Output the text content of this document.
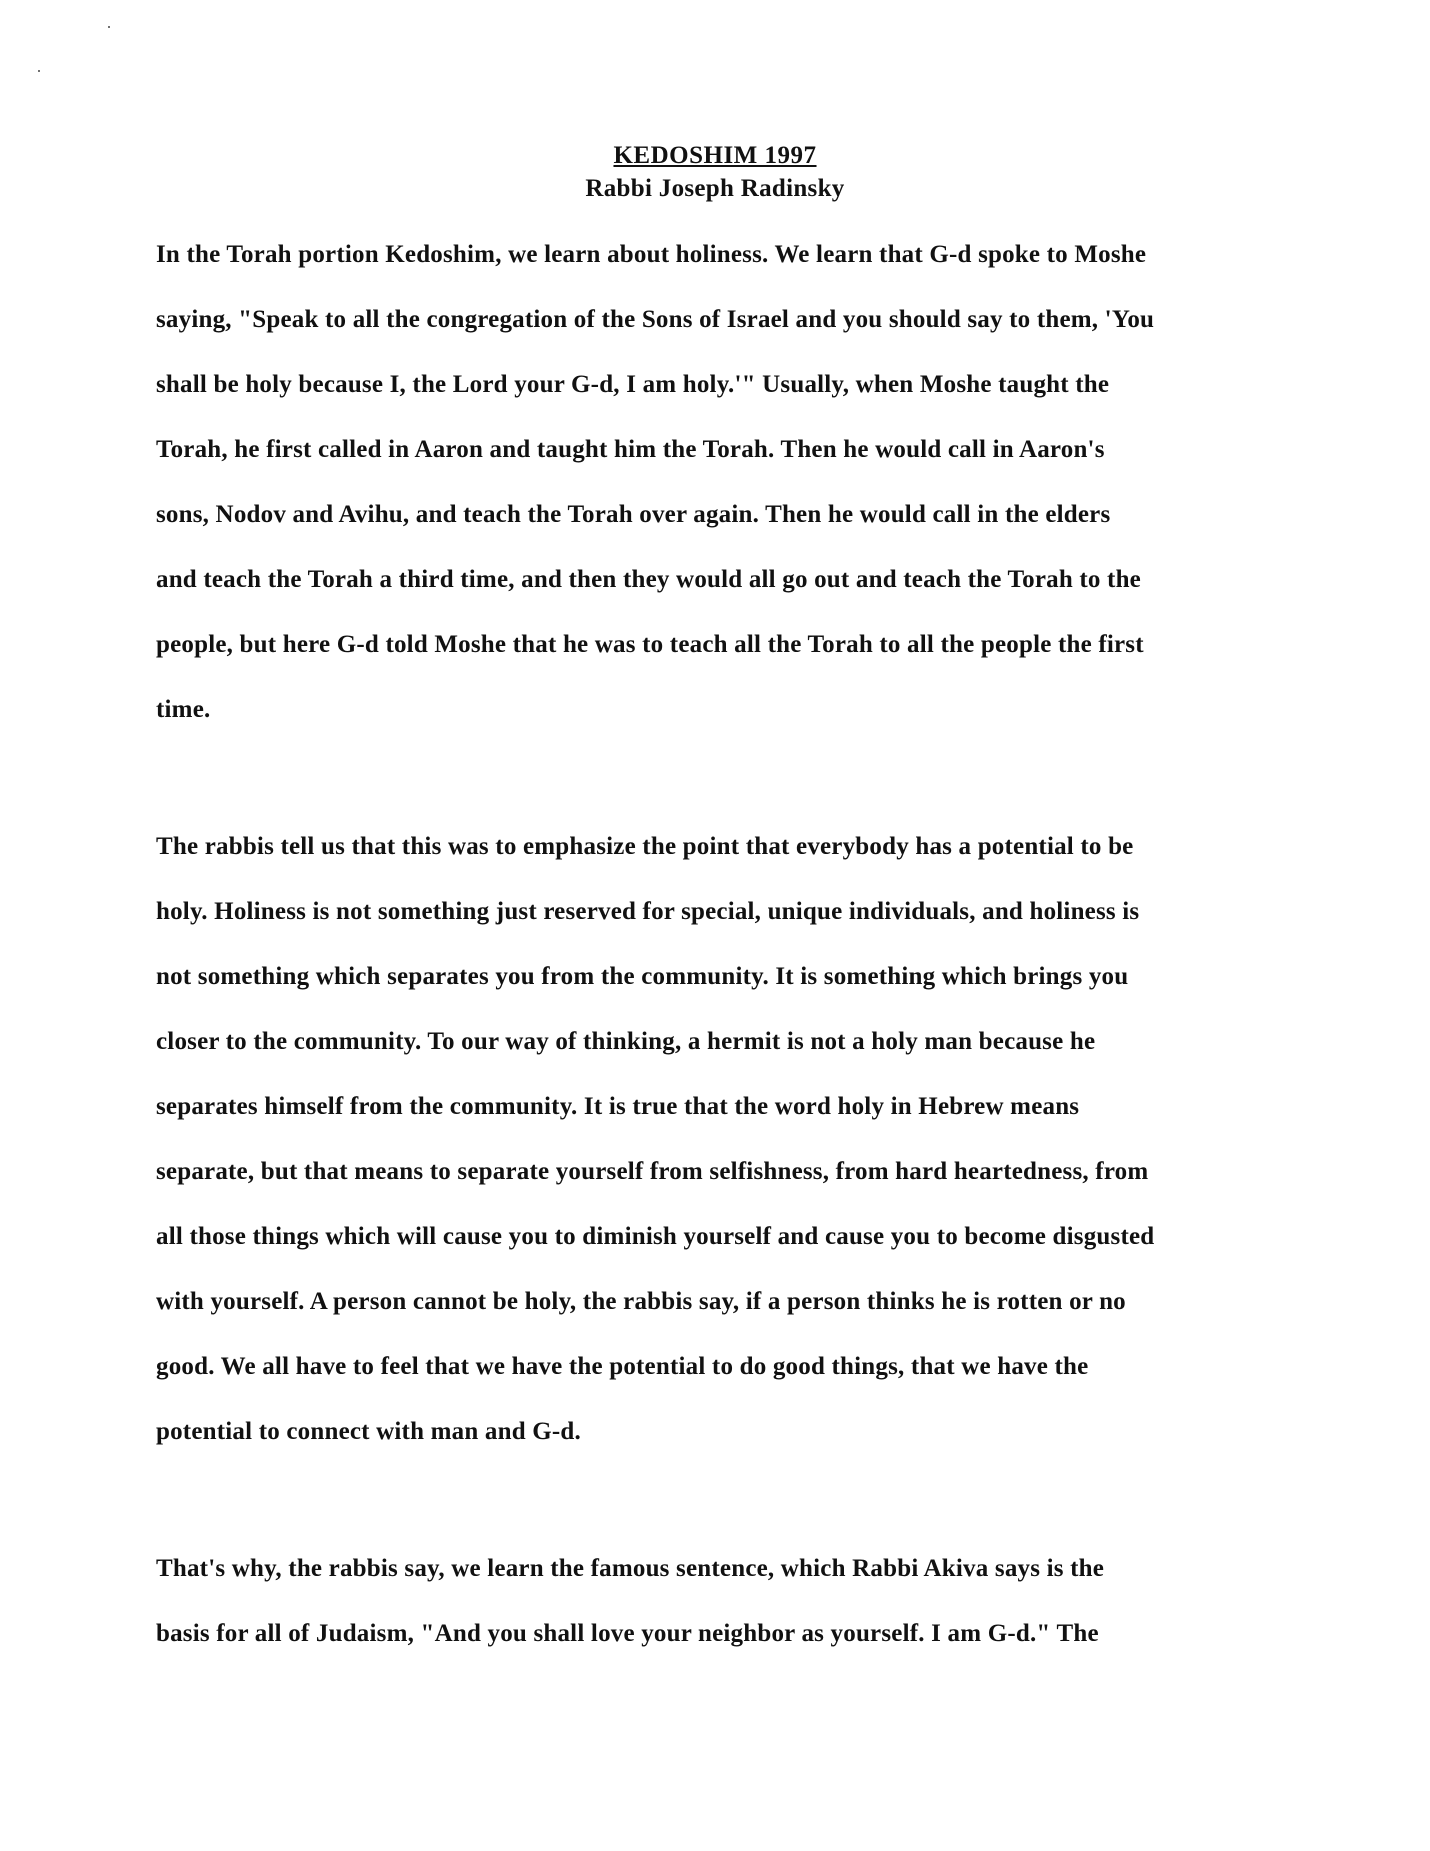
KEDOSHIM 1997
Rabbi Joseph Radinsky
In the Torah portion Kedoshim, we learn about holiness. We learn that G-d spoke to Moshe
saying, "Speak to all the congregation of the Sons of Israel and you should say to them, 'You
shall be holy because I, the Lord your G-d, I am holy.'" Usually, when Moshe taught the
Torah, he first called in Aaron and taught him the Torah. Then he would call in Aaron's
sons, Nodov and Avihu, and teach the Torah over again. Then he would call in the elders
and teach the Torah a third time, and then they would all go out and teach the Torah to the
people, but here G-d told Moshe that he was to teach all the Torah to all the people the first
time.
The rabbis tell us that this was to emphasize the point that everybody has a potential to be
holy. Holiness is not something just reserved for special, unique individuals, and holiness is
not something which separates you from the community. It is something which brings you
closer to the community. To our way of thinking, a hermit is not a holy man because he
separates himself from the community. It is true that the word holy in Hebrew means
separate, but that means to separate yourself from selfishness, from hard heartedness, from
all those things which will cause you to diminish yourself and cause you to become disgusted
with yourself. A person cannot be holy, the rabbis say, if a person thinks he is rotten or no
good. We all have to feel that we have the potential to do good things, that we have the
potential to connect with man and G-d.
That's why, the rabbis say, we learn the famous sentence, which Rabbi Akiva says is the
basis for all of Judaism, "And you shall love your neighbor as yourself. I am G-d." The
